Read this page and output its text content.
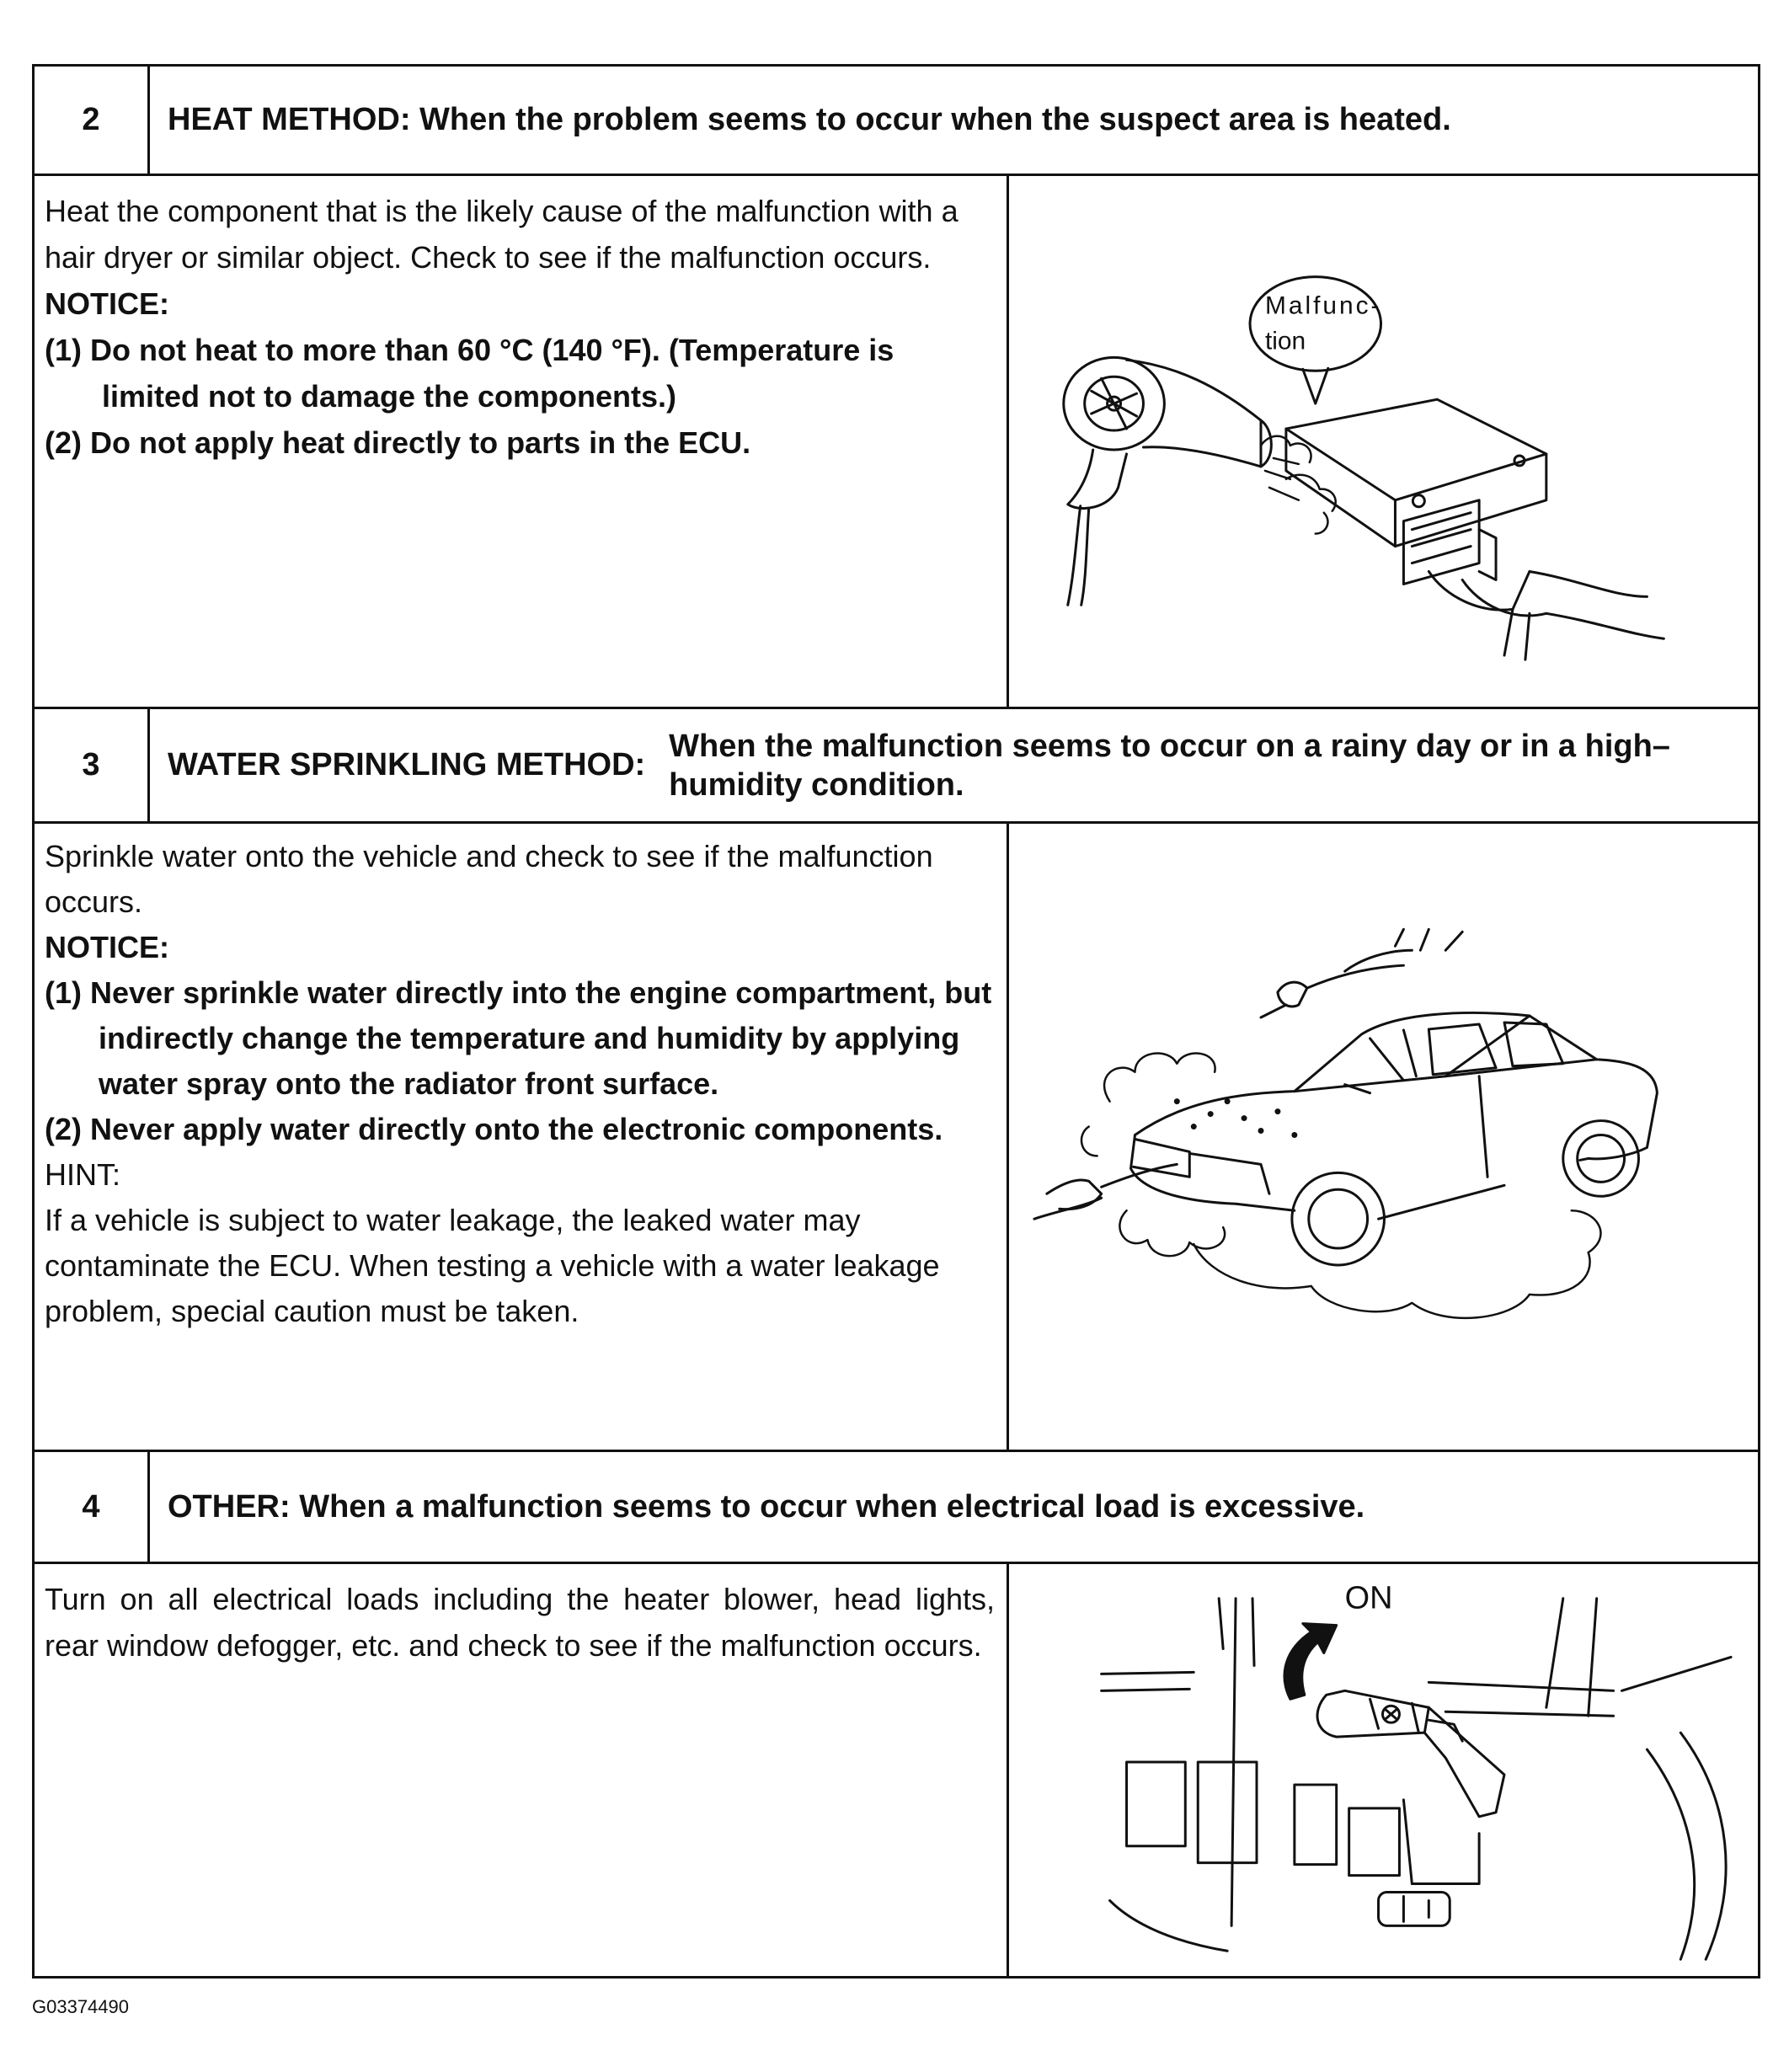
2	HEAT METHOD: When the problem seems to occur when the suspect area is heated.

Heat the component that is the likely cause of the malfunction with a hair dryer or similar object. Check to see if the malfunction occurs.

NOTICE:

(1) Do not heat to more than 60 °C (140 °F). (Temperature is limited not to damage the components.)

(2) Do not apply heat directly to parts in the ECU.

Malfunc-
tion
3	WATER SPRINKLING METHOD:
When the malfunction seems to occur on a rainy day or in a high–humidity condition.

Sprinkle water onto the vehicle and check to see if the malfunction occurs.

NOTICE:

(1) Never sprinkle water directly into the engine compartment, but indirectly change the temperature and humidity by applying water spray onto the radiator front surface.

(2) Never apply water directly onto the electronic components.

HINT:

If a vehicle is subject to water leakage, the leaked water may contaminate the ECU. When testing a vehicle with a water leakage problem, special caution must be taken.

4	OTHER: When a malfunction seems to occur when electrical load is excessive.

Turn on all electrical loads including the heater blower, head lights, rear window defogger, etc. and check to see if the malfunction occurs.

ON
G03374490
